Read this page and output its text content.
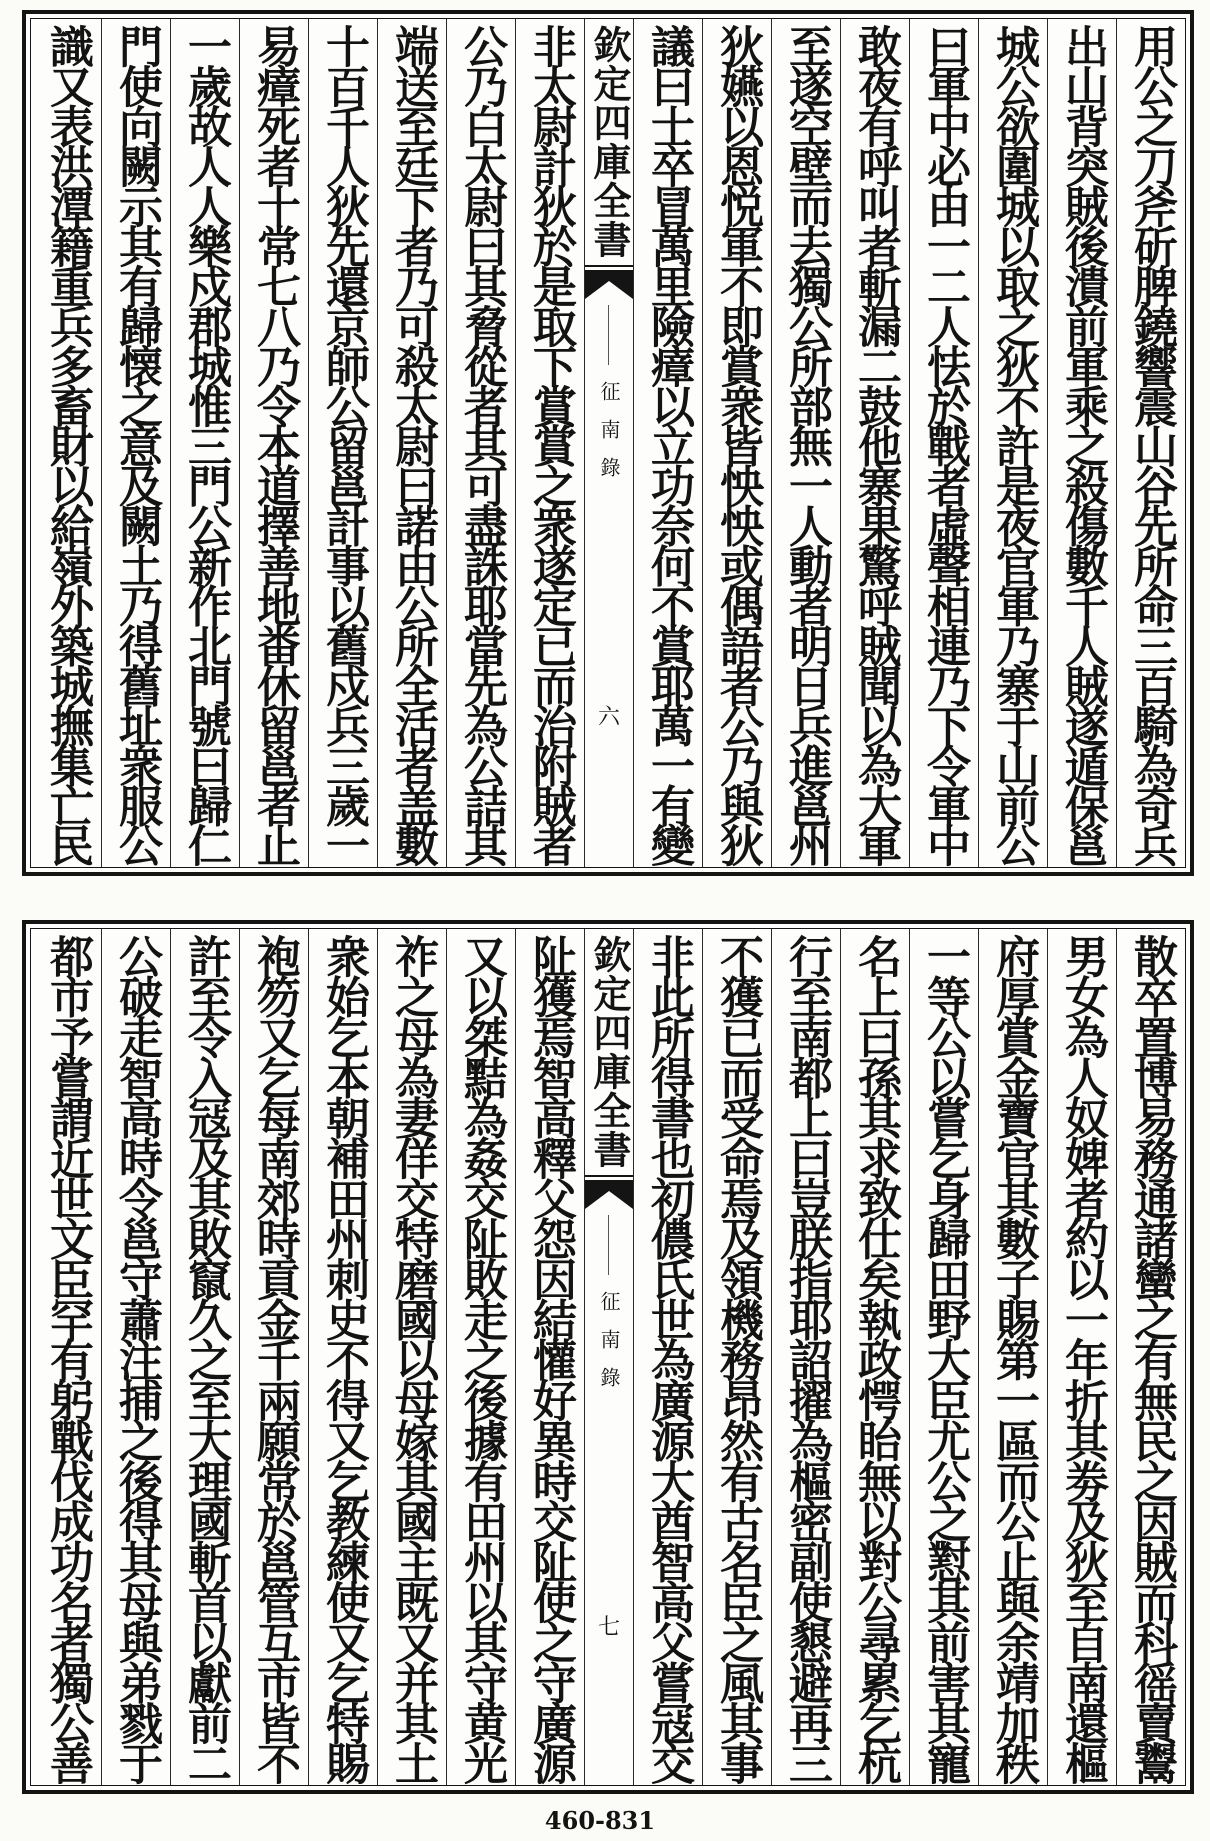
用公之刀斧斫脾鐃響震山谷先所命三百騎為奇兵
出山背突賊後潰前軍乘之殺傷數千人賊遂遁保邕
城公欲圍城以取之狄不許是夜官軍乃寨于山前公
曰軍中必由一二人怯於戰者虛聲相連乃下令軍中
敢夜有呼叫者斬漏二鼓他寨果驚呼賊聞以為大軍
至遂空壁而去獨公所部無一人動者明日兵進邕州
狄嬿以恩悦軍不即賞衆皆怏怏或偶語者公乃與狄
議曰士卒冒萬里險瘴以立功奈何不賞耶萬一有變
欽定四庫全書
征南錄
六
非太尉計狄於是取下賞賞之衆遂定已而治附賊者
公乃白太尉曰其脅從者其可盡誅耶當先為公詰其
端送至廷下者乃可殺太尉曰諾由公所全活者盖數
十百千人狄先還京師公留邕計事以舊戍兵三歲一
易瘴死者十常七八乃令本道擇善地畨休留邕者止
一歲故人人樂戍郡城惟三門公新作北門號曰歸仁
門使向闕示其有歸懐之意及闕土乃得舊址衆服公
識又表洪潭籍重兵多畜財以給嶺外築城撫集亡民
散卒置博易務通諸蠻之有無民之因賊而科徭賣鬻
男女為人奴婢者約以一年折其劵及狄至自南還樞
府厚賞金寶官其數子賜第一區而公止與余靖加秩
一等公以嘗乞身歸田野大臣尤公之懟其前害其寵
名上曰孫其求致仕矣執政愕眙無以對公尋累乞杭
行至南都上曰豈朕指耶詔擢為樞密副使懇避再三
不獲已而受命焉及領機務昂然有古名臣之風其事
非此所得書也初儂氏世為廣源大酋智高父嘗冦交
欽定四庫全書
征南錄
七
阯獲焉智高釋父怨因結懽好異時交阯使之守廣源
又以桀黠為姦交阯敗走之後據有田州以其守黄光
祚之母為妻佯交特磨國以母嫁其國主既又并其土
衆始乞本朝補田州刺史不得又乞教練使又乞特賜
袍笏又乞每南郊時貢金千兩願常於邕管互市皆不
許至令入冦及其敗竄久之至大理國斬首以獻前二
公破走智高時令邕守蕭注捕之後得其母與弟戮于
都市予嘗謂近世文臣罕有躬戰伐成功名者獨公善
460-831
